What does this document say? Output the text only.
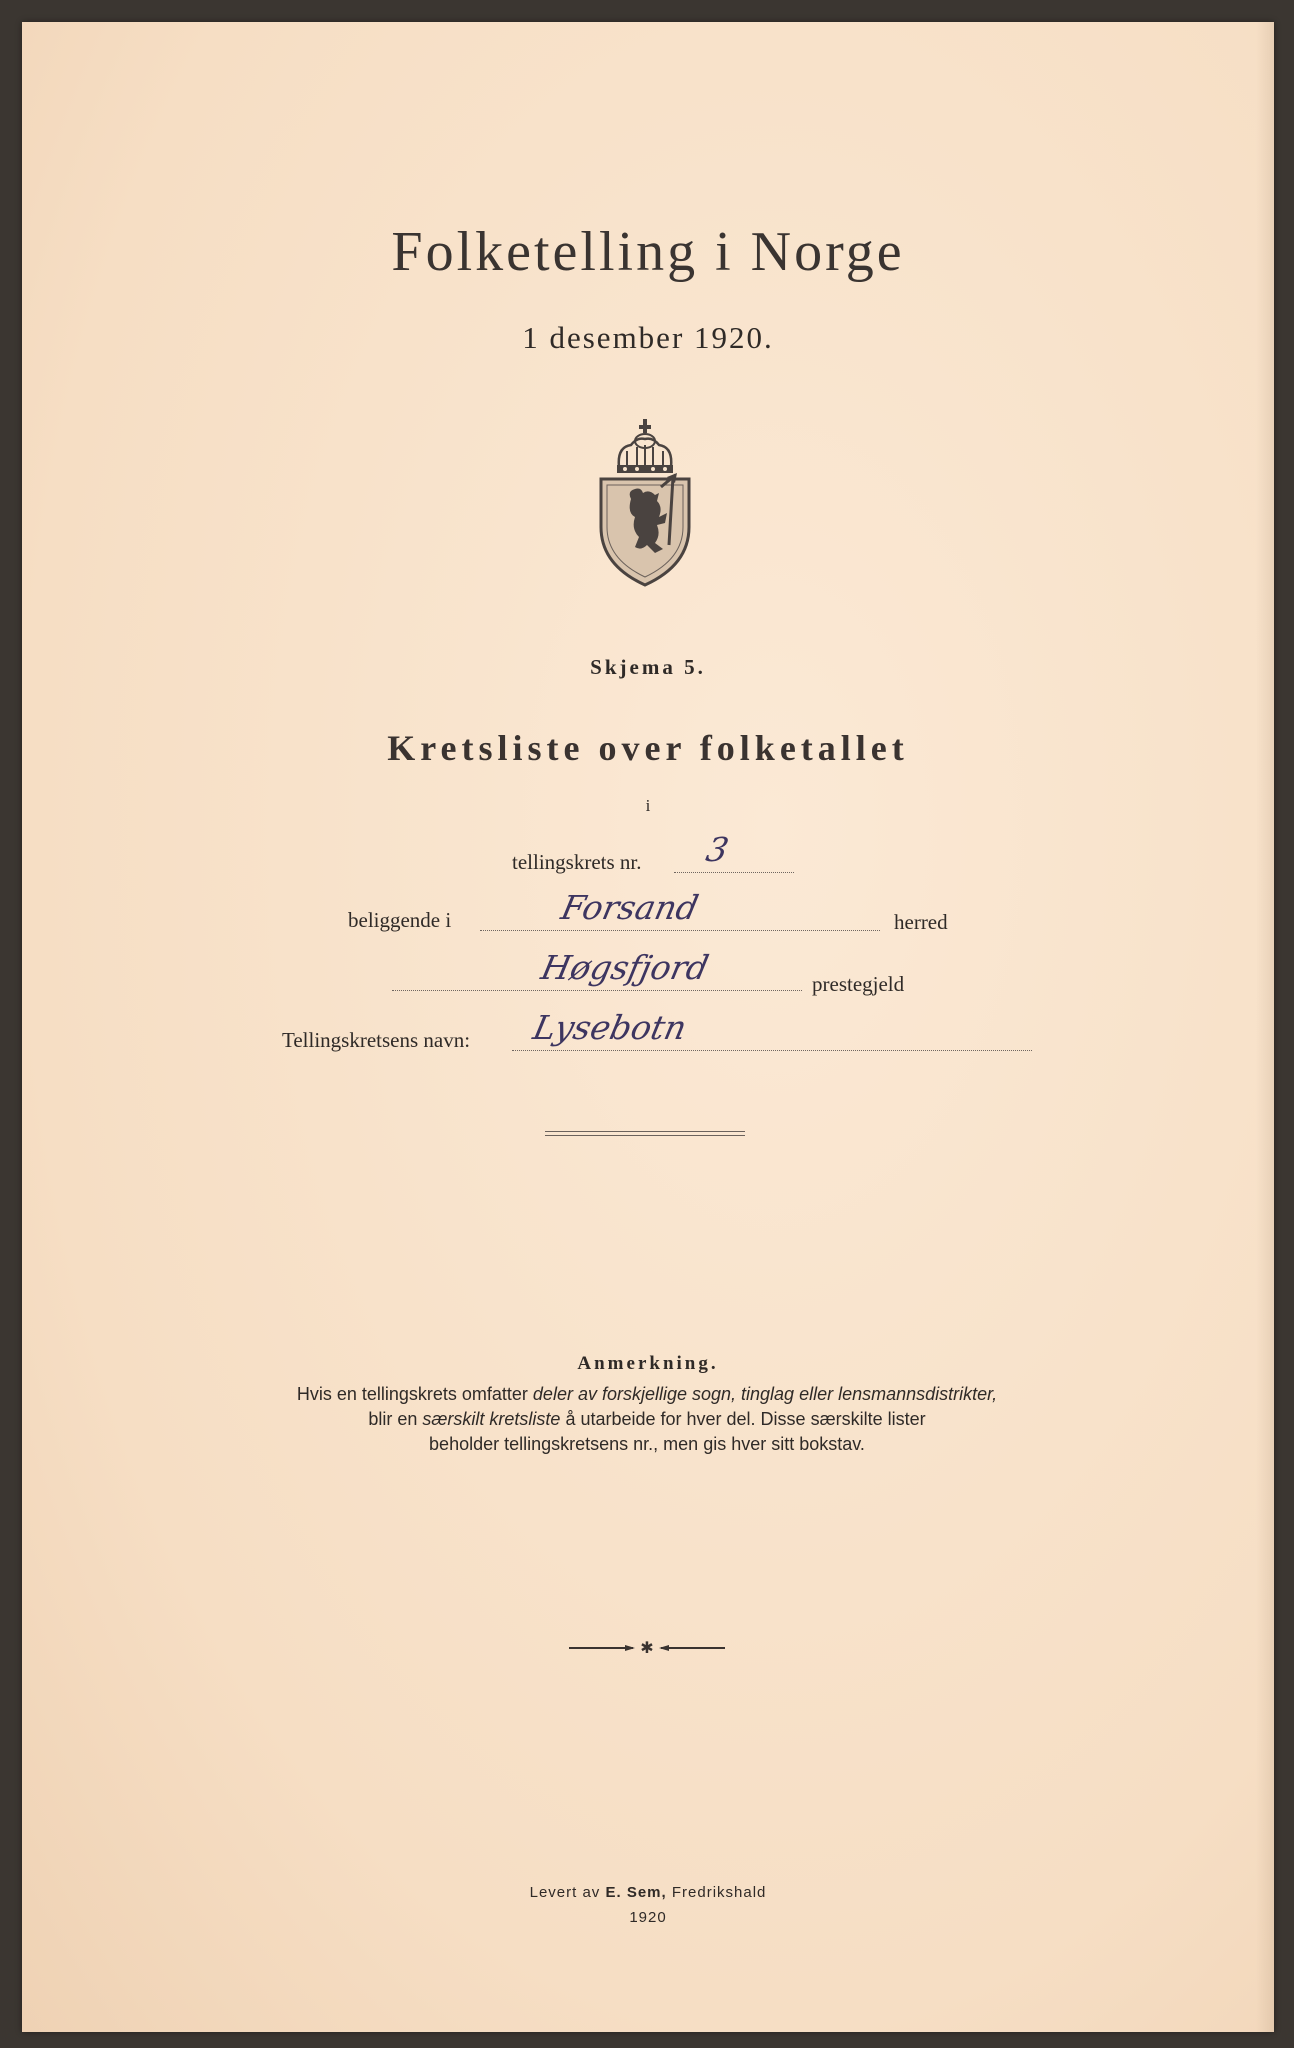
Folketelling i Norge
1 desember 1920.
Skjema 5.
Kretsliste over folketallet
i
tellingskrets nr. 3
beliggende i	Forsand	herred
Høgsfjord	prestegjeld
Tellingskretsens navn: Lysebotn
Anmerkning.
Hvis en tellingskrets omfatter deler av forskjellige sogn, tinglag eller lensmannsdistrikter,
blir en særskilt kretsliste å utarbeide for hver del. Disse særskilte lister
beholder tellingskretsens nr., men gis hver sitt bokstav.
✱
Levert av E. Sem, Fredrikshald
1920
